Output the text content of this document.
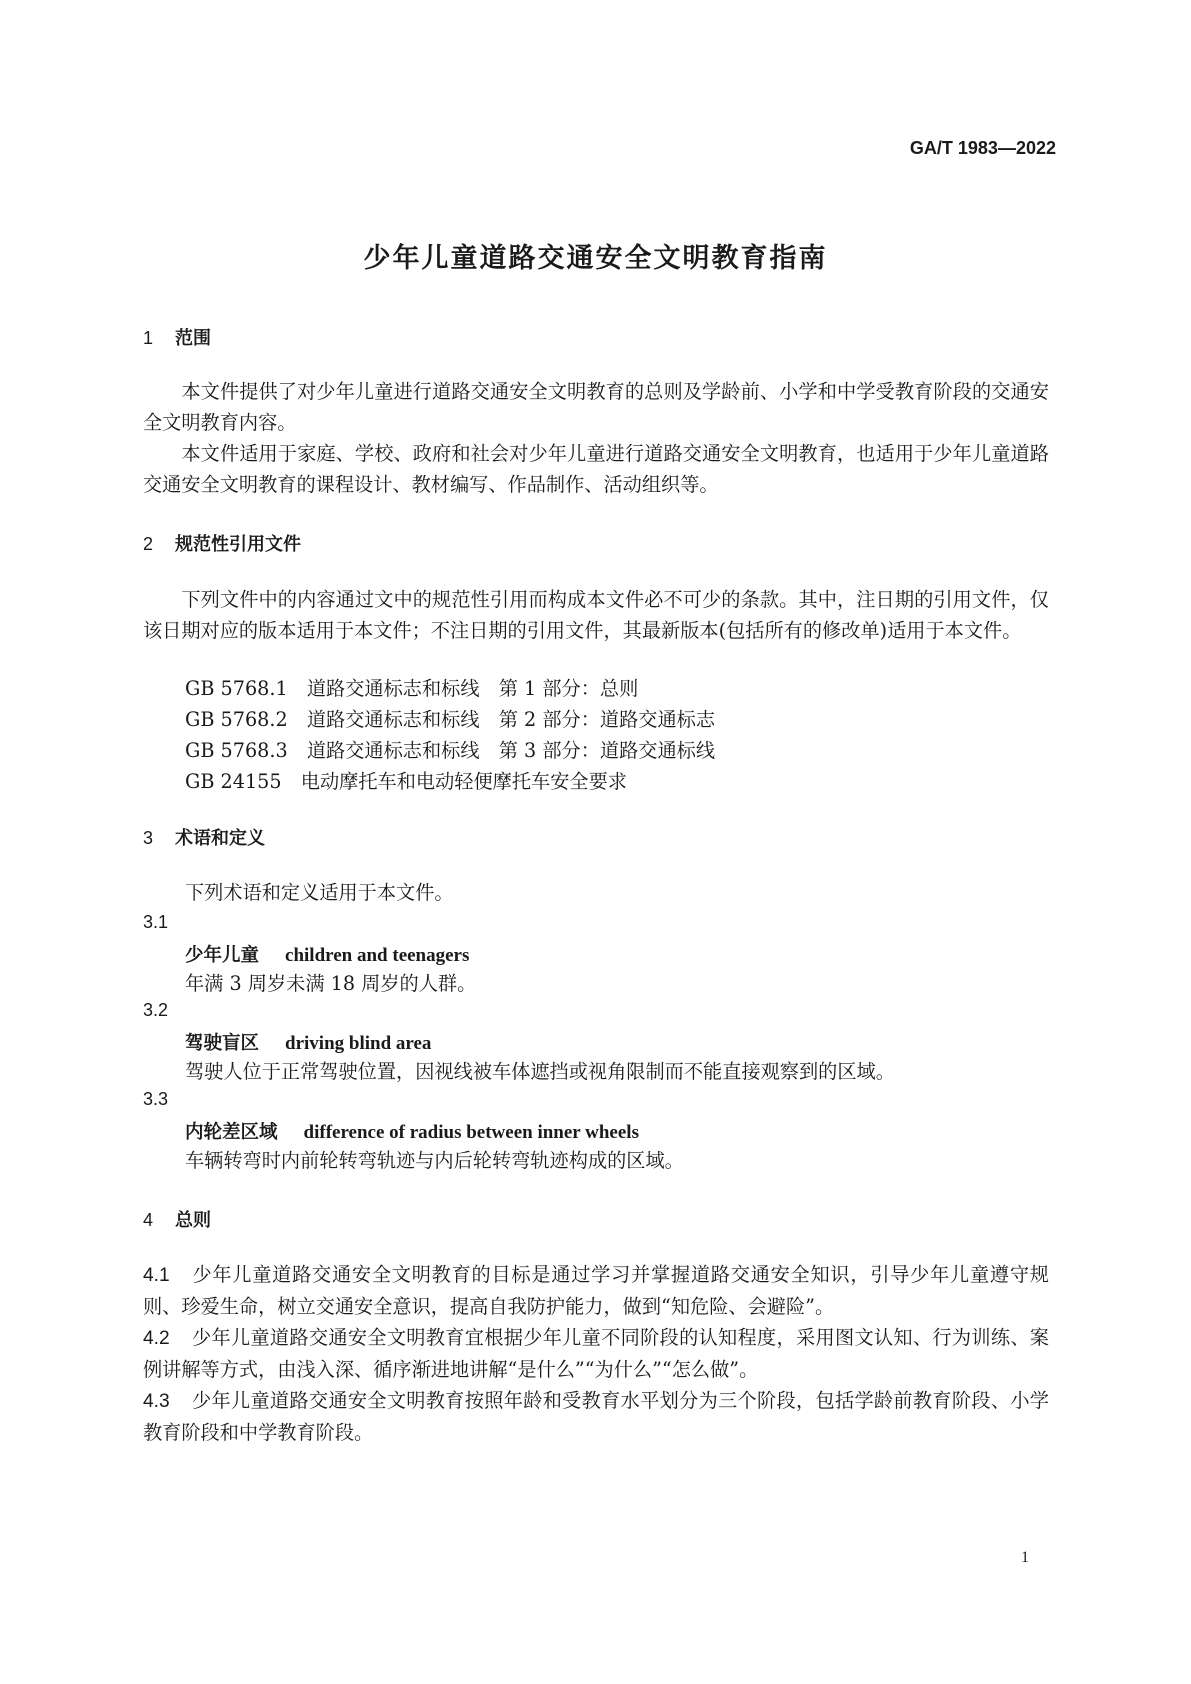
GA/T 1983—2022
少年儿童道路交通安全文明教育指南
1 范围

本文件提供了对少年儿童进行道路交通安全文明教育的总则及学龄前、小学和中学受教育阶段的交通安全文明教育内容。

本文件适用于家庭、学校、政府和社会对少年儿童进行道路交通安全文明教育，也适用于少年儿童道路交通安全文明教育的课程设计、教材编写、作品制作、活动组织等。

2 规范性引用文件

下列文件中的内容通过文中的规范性引用而构成本文件必不可少的条款。其中，注日期的引用文件，仅该日期对应的版本适用于本文件；不注日期的引用文件，其最新版本(包括所有的修改单)适用于本文件。

GB 5768.1　道路交通标志和标线　第 1 部分：总则
GB 5768.2　道路交通标志和标线　第 2 部分：道路交通标志
GB 5768.3　道路交通标志和标线　第 3 部分：道路交通标线
GB 24155　电动摩托车和电动轻便摩托车安全要求
3 术语和定义

下列术语和定义适用于本文件。

3.1
少年儿童 children and teenagers
年满 3 周岁未满 18 周岁的人群。
3.2
驾驶盲区 driving blind area
驾驶人位于正常驾驶位置，因视线被车体遮挡或视角限制而不能直接观察到的区域。
3.3
内轮差区域 difference of radius between inner wheels
车辆转弯时内前轮转弯轨迹与内后轮转弯轨迹构成的区域。
4 总则

4.1 少年儿童道路交通安全文明教育的目标是通过学习并掌握道路交通安全知识，引导少年儿童遵守规则、珍爱生命，树立交通安全意识，提高自我防护能力，做到“知危险、会避险”。

4.2 少年儿童道路交通安全文明教育宜根据少年儿童不同阶段的认知程度，采用图文认知、行为训练、案例讲解等方式，由浅入深、循序渐进地讲解“是什么”“为什么”“怎么做”。

4.3 少年儿童道路交通安全文明教育按照年龄和受教育水平划分为三个阶段，包括学龄前教育阶段、小学教育阶段和中学教育阶段。

1
